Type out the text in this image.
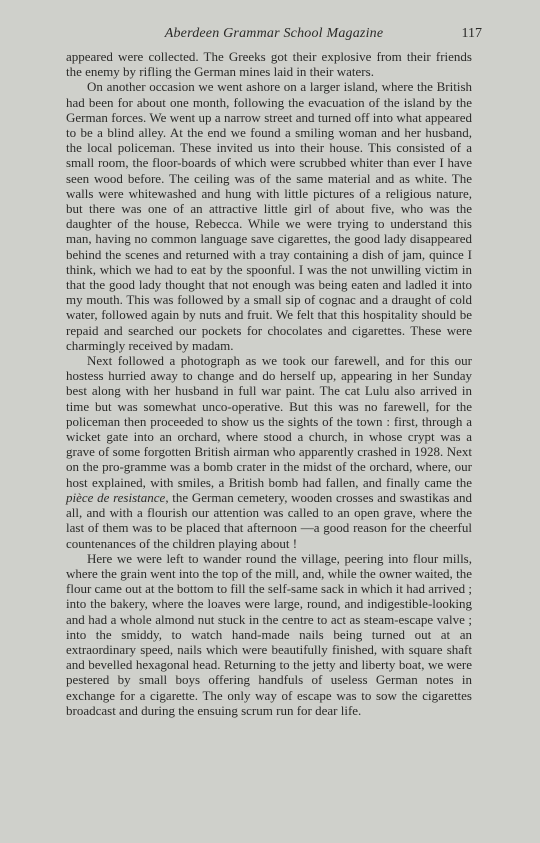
Aberdeen Grammar School Magazine	117

appeared were collected. The Greeks got their explosive from their friends the enemy by rifling the German mines laid in their waters.

On another occasion we went ashore on a larger island, where the British had been for about one month, following the evacuation of the island by the German forces. We went up a narrow street and turned off into what appeared to be a blind alley. At the end we found a smiling woman and her husband, the local policeman. These invited us into their house. This consisted of a small room, the floor-boards of which were scrubbed whiter than ever I have seen wood before. The ceiling was of the same material and as white. The walls were whitewashed and hung with little pictures of a religious nature, but there was one of an attractive little girl of about five, who was the daughter of the house, Rebecca. While we were trying to understand this man, having no common language save cigarettes, the good lady disappeared behind the scenes and returned with a tray containing a dish of jam, quince I think, which we had to eat by the spoonful. I was the not unwilling victim in that the good lady thought that not enough was being eaten and ladled it into my mouth. This was followed by a small sip of cognac and a draught of cold water, followed again by nuts and fruit. We felt that this hospitality should be repaid and searched our pockets for chocolates and cigarettes. These were charmingly received by madam.

Next followed a photograph as we took our farewell, and for this our hostess hurried away to change and do herself up, appearing in her Sunday best along with her husband in full war paint. The cat Lulu also arrived in time but was somewhat unco-operative. But this was no farewell, for the policeman then proceeded to show us the sights of the town : first, through a wicket gate into an orchard, where stood a church, in whose crypt was a grave of some forgotten British airman who apparently crashed in 1928. Next on the pro-gramme was a bomb crater in the midst of the orchard, where, our host explained, with smiles, a British bomb had fallen, and finally came the pièce de resistance, the German cemetery, wooden crosses and swastikas and all, and with a flourish our attention was called to an open grave, where the last of them was to be placed that afternoon —a good reason for the cheerful countenances of the children playing about !

Here we were left to wander round the village, peering into flour mills, where the grain went into the top of the mill, and, while the owner waited, the flour came out at the bottom to fill the self-same sack in which it had arrived ; into the bakery, where the loaves were large, round, and indigestible-looking and had a whole almond nut stuck in the centre to act as steam-escape valve ; into the smiddy, to watch hand-made nails being turned out at an extraordinary speed, nails which were beautifully finished, with square shaft and bevelled hexagonal head. Returning to the jetty and liberty boat, we were pestered by small boys offering handfuls of useless German notes in exchange for a cigarette. The only way of escape was to sow the cigarettes broadcast and during the ensuing scrum run for dear life.
